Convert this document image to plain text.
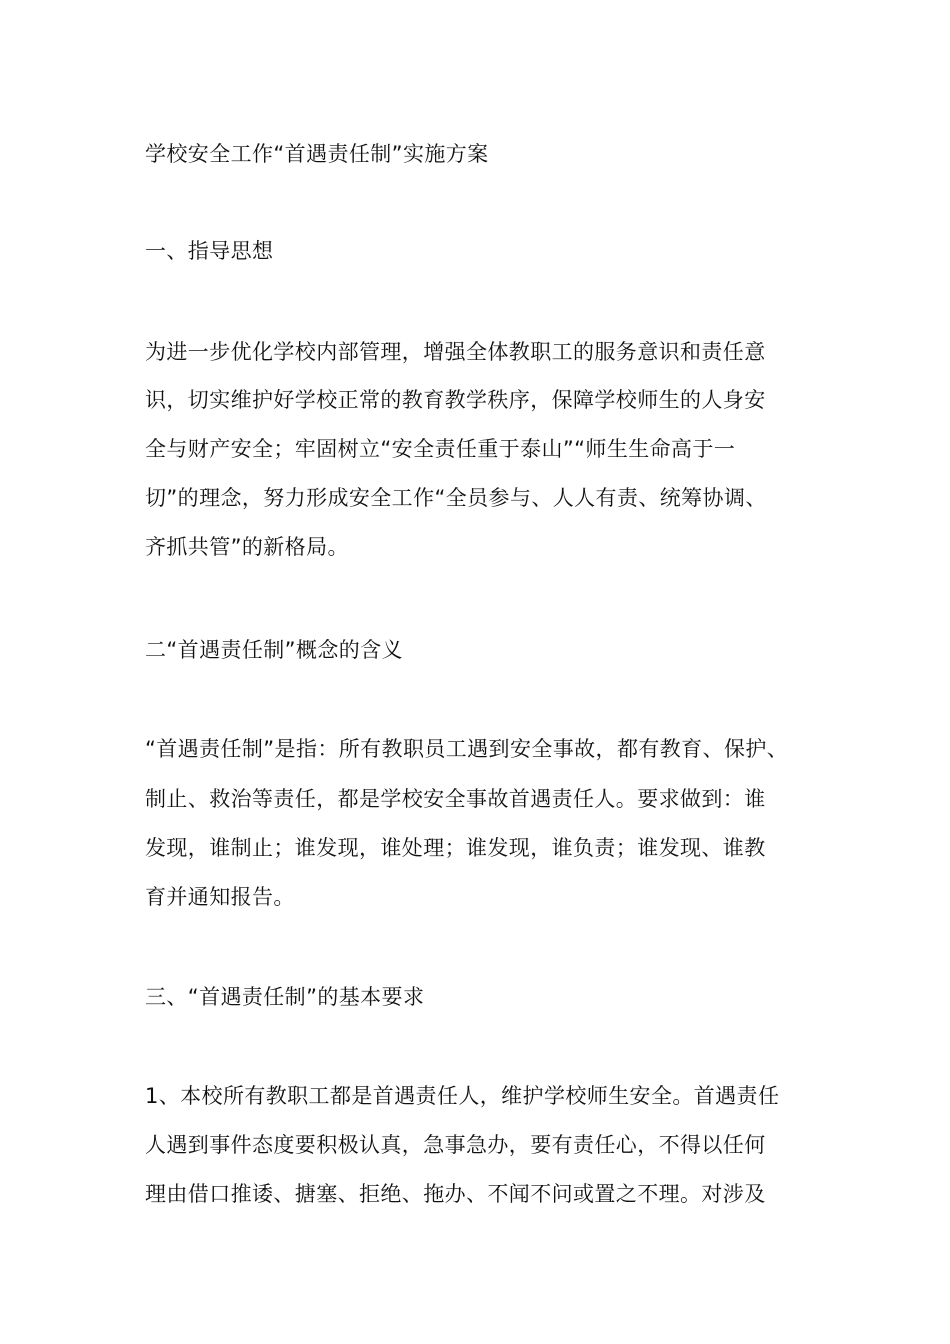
学校安全工作“首遇责任制”实施方案
一、指导思想
为进一步优化学校内部管理，增强全体教职工的服务意识和责任意
识，切实维护好学校正常的教育教学秩序，保障学校师生的人身安
全与财产安全；牢固树立“安全责任重于泰山”“师生生命高于一
切”的理念，努力形成安全工作“全员参与、人人有责、统筹协调、
齐抓共管”的新格局。
二“首遇责任制”概念的含义
“首遇责任制”是指：所有教职员工遇到安全事故，都有教育、保护、
制止、救治等责任，都是学校安全事故首遇责任人。要求做到：谁
发现，谁制止；谁发现，谁处理；谁发现，谁负责；谁发现、谁教
育并通知报告。
三、“首遇责任制”的基本要求
1、本校所有教职工都是首遇责任人，维护学校师生安全。首遇责任
人遇到事件态度要积极认真，急事急办，要有责任心，不得以任何
理由借口推诿、搪塞、拒绝、拖办、不闻不问或置之不理。对涉及
